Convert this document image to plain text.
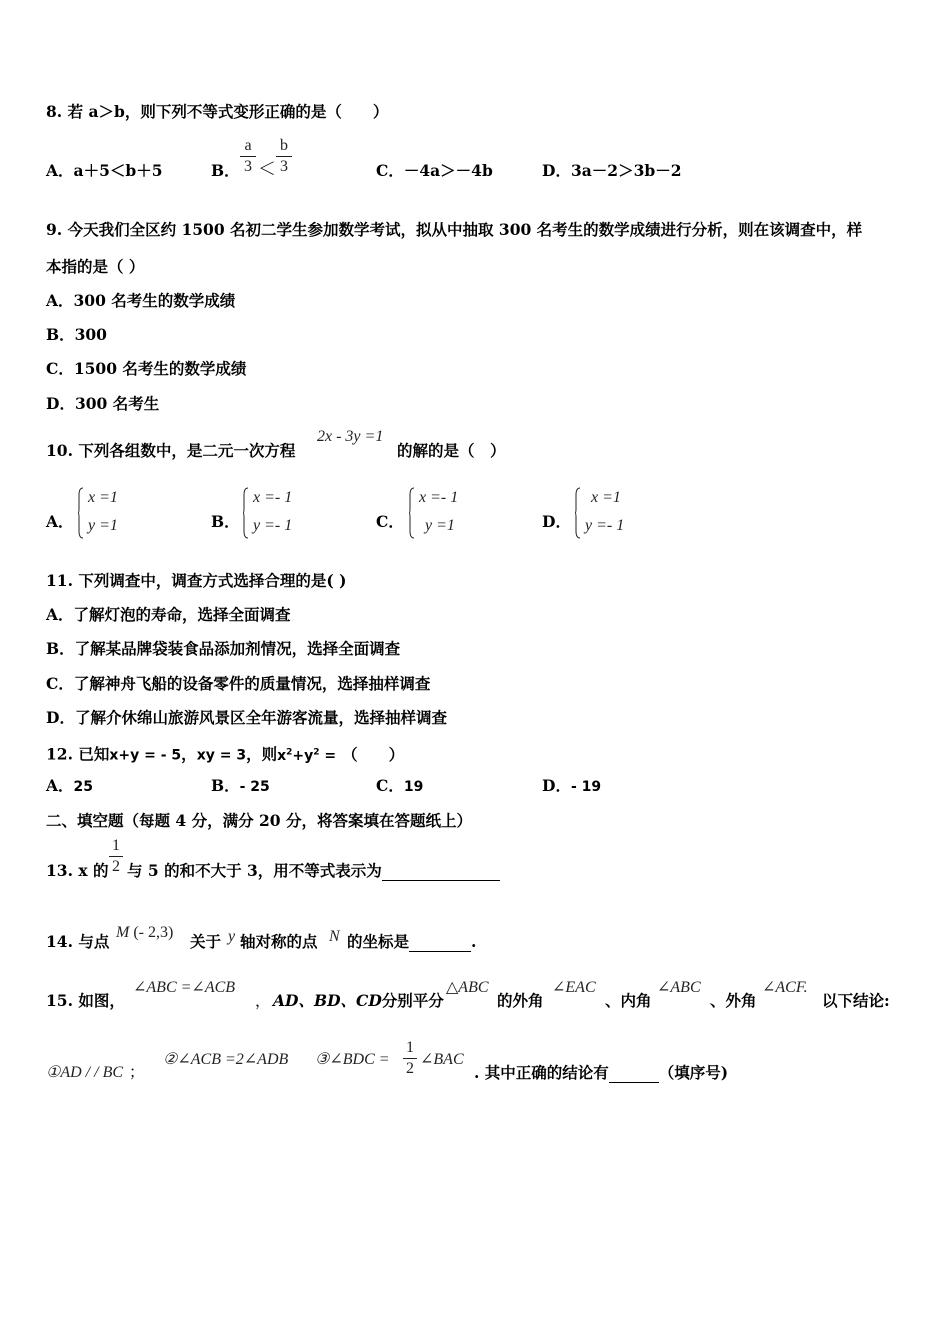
8. 若 a＞b，则下列不等式变形正确的是（　　）
A．a＋5＜b＋5	B．
a
3 ＜
b
3	C．－4a＞－4b	D．3a－2＞3b－2
9. 今天我们全区约 1500 名初二学生参加数学考试，拟从中抽取 300 名考生的数学成绩进行分析，则在该调查中，样
本指的是（ ）
A．300 名考生的数学成绩
B．300
C．1500 名考生的数学成绩
D．300 名考生
10. 下列各组数中，是二元一次方程
2x - 3y =1
的解的是（　）
A．
x =1
y =1	B．
x =- 1
y =- 1	C．
x =- 1
y =1	D．
x =1
y =- 1
11. 下列调查中，调查方式选择合理的是( )
A．了解灯泡的寿命，选择全面调查
B．了解某品牌袋装食品添加剂情况，选择全面调查
C．了解神舟飞船的设备零件的质量情况，选择抽样调查
D．了解介休绵山旅游风景区全年游客流量，选择抽样调查
12. 已知x+y = - 5，xy = 3，则$x^2+y^2$ = （　　）
A．25	B．- 25	C．19	D．- 19
二、填空题（每题 4 分，满分 20 分，将答案填在答题纸上）
13. x 的
1
2 与 5 的和不大于 3，用不等式表示为
14. 与点 M (- 2,3) 关于 y 轴对称的点 N 的坐标是	.
15. 如图，
∠ABC =∠ACB
， AD、BD、CD分别平分
△ABC
的外角
∠EAC
、内角
∠ABC
、外角
∠ACF.
以下结论:
①AD / / BC ；
②∠ACB =2∠ADB ③∠BDC =
1
2
∠BAC
. 其中正确的结论有	（填序号)
